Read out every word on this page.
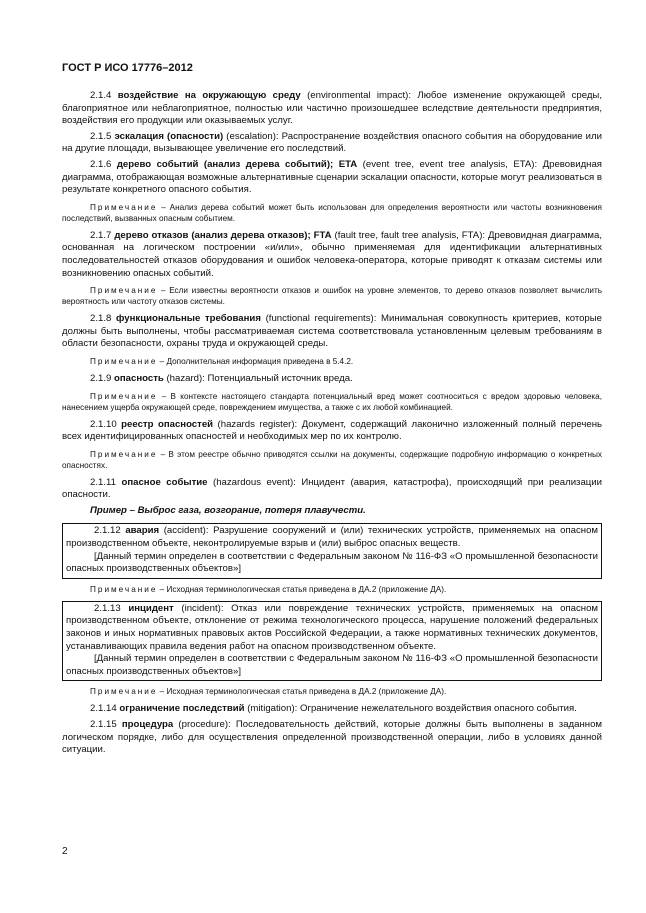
ГОСТ Р ИСО 17776–2012
2.1.4 воздействие на окружающую среду (environmental impact): Любое изменение окружающей среды, благоприятное или неблагоприятное, полностью или частично произошедшее вследствие деятельности предприятия, воздействия его продукции или оказываемых услуг.
2.1.5 эскалация (опасности) (escalation): Распространение воздействия опасного события на оборудование или на другие площади, вызывающее увеличение его последствий.
2.1.6 дерево событий (анализ дерева событий); ETA (event tree, event tree analysis, ETA): Древовидная диаграмма, отображающая возможные альтернативные сценарии эскалации опасности, которые могут реализоваться в результате конкретного опасного события.
Примечание – Анализ дерева событий может быть использован для определения вероятности или частоты возникновения последствий, вызванных опасным событием.
2.1.7 дерево отказов (анализ дерева отказов); FTA (fault tree, fault tree analysis, FTA): Древовидная диаграмма, основанная на логическом построении «и/или», обычно применяемая для идентификации альтернативных последовательностей отказов оборудования и ошибок человека-оператора, которые приводят к отказам системы или возникновению опасных событий.
Примечание – Если известны вероятности отказов и ошибок на уровне элементов, то дерево отказов позволяет вычислить вероятность или частоту отказов системы.
2.1.8 функциональные требования (functional requirements): Минимальная совокупность критериев, которые должны быть выполнены, чтобы рассматриваемая система соответствовала установленным целевым требованиям в области безопасности, охраны труда и окружающей среды.
Примечание – Дополнительная информация приведена в 5.4.2.
2.1.9 опасность (hazard): Потенциальный источник вреда.
Примечание – В контексте настоящего стандарта потенциальный вред может соотноситься с вредом здоровью человека, нанесением ущерба окружающей среде, повреждением имущества, а также с их любой комбинацией.
2.1.10 реестр опасностей (hazards register): Документ, содержащий лаконично изложенный полный перечень всех идентифицированных опасностей и необходимых мер по их контролю.
Примечание – В этом реестре обычно приводятся ссылки на документы, содержащие подробную информацию о конкретных опасностях.
2.1.11 опасное событие (hazardous event): Инцидент (авария, катастрофа), происходящий при реализации опасности.
Пример – Выброс газа, возгорание, потеря плавучести.
2.1.12 авария (accident): Разрушение сооружений и (или) технических устройств, применяемых на опасном производственном объекте, неконтролируемые взрыв и (или) выброс опасных веществ.
[Данный термин определен в соответствии с Федеральным законом № 116-ФЗ «О промышленной безопасности опасных производственных объектов»]
Примечание – Исходная терминологическая статья приведена в ДА.2 (приложение ДА).
2.1.13 инцидент (incident): Отказ или повреждение технических устройств, применяемых на опасном производственном объекте, отклонение от режима технологического процесса, нарушение положений федеральных законов и иных нормативных правовых актов Российской Федерации, а также нормативных технических документов, устанавливающих правила ведения работ на опасном производственном объекте.
[Данный термин определен в соответствии с Федеральным законом № 116-ФЗ «О промышленной безопасности опасных производственных объектов»]
Примечание – Исходная терминологическая статья приведена в ДА.2 (приложение ДА).
2.1.14 ограничение последствий (mitigation): Ограничение нежелательного воздействия опасного события.
2.1.15 процедура (procedure): Последовательность действий, которые должны быть выполнены в заданном логическом порядке, либо для осуществления определенной производственной операции, либо в условиях данной ситуации.
2
